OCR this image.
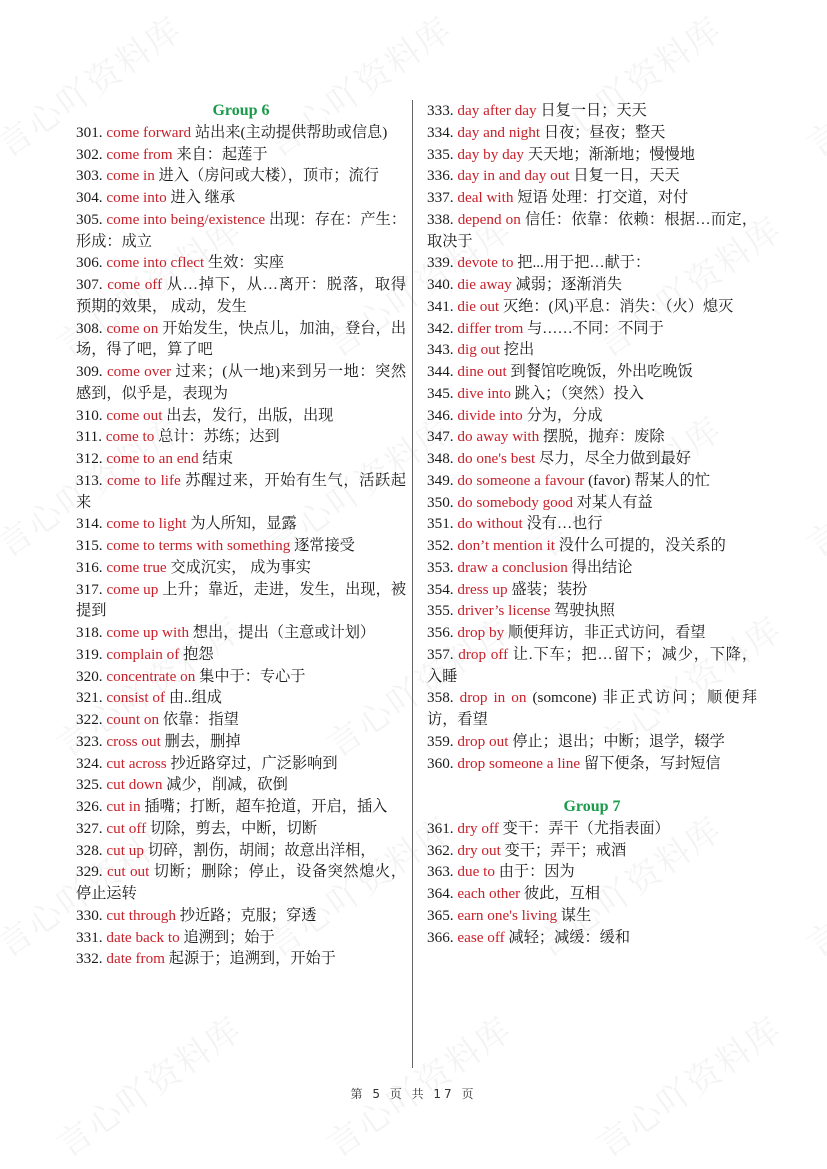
Group 6
301. come forward 站出来(主动提供帮助或信息)
302. come from 来自：起莲于
303. come in 进入（房问或大楼），顶市；流行
304. come into 进入 继承
305. come into being/existence 出现：存在：产生：形成：成立
306. come into cflect 生效：实座
307. come off 从…掉下，从…离开：脱落，取得预期的效果， 成动，发生
308. come on 开始发生，快点儿，加油，登台，出场，得了吧，算了吧
309. come over 过来；(从一地)来到另一地：突然感到，似乎是，表现为
310. come out 出去，发行，出版，出现
311. come to 总计：苏练；达到
312. come to an end 结束
313. come to life 苏醒过来，开始有生气，活跃起来
314. come to light 为人所知，显露
315. come to terms with something 逐常接受
316. come true 交成沉实， 成为事实
317. come up 上升；靠近，走进，发生，出现，被提到
318. come up with 想出，提出（主意或计划）
319. complain of 抱怨
320. concentrate on 集中于：专心于
321. consist of 由..组成
322. count on 依靠：指望
323. cross out 删去，删掉
324. cut across 抄近路穿过，广泛影响到
325. cut down 减少，削减，砍倒
326. cut in 插嘴；打断，超车抢道，开启，插入
327. cut off 切除，剪去，中断，切断
328. cut up 切碎，割伤，胡闹；故意出洋相，
329. cut out 切断；删除；停止，设备突然熄火，停止运转
330. cut through 抄近路；克服；穿透
331. date back to 追溯到；始于
332. date from 起源于；追溯到，开始于
333. day after day 日复一日；天天
334. day and night 日夜；昼夜；整天
335. day by day 天天地；渐渐地；慢慢地
336. day in and day out 日复一日，天天
337. deal with 短语 处理：打交道，对付
338. depend on 信任：依靠：依赖：根据…而定，取决于
339. devote to 把...用于把…献于：
340. die away 减弱；逐渐消失
341. die out 灭绝：(风)平息：消失：（火）熄灭
342. differ trom 与……不同：不同于
343. dig out 挖出
344. dine out 到餐馆吃晚饭，外出吃晚饭
345. dive into 跳入；（突然）投入
346. divide into 分为，分成
347. do away with 摆脱，抛弃：废除
348. do one's best 尽力，尽全力做到最好
349. do someone a favour (favor) 帮某人的忙
350. do somebody good 对某人有益
351. do without 没有…也行
352. don’t mention it 没什么可提的，没关系的
353. draw a conclusion 得出结论
354. dress up 盛装；装扮
355. driver’s license 驾驶执照
356. drop by 顺便拜访，非正式访问，看望
357. drop off 让.下车；把…留下；减少，下降，入睡
358. drop in on (somcone) 非正式访问；顺便拜访，看望
359. drop out 停止；退出；中断；退学，辍学
360. drop someone a line 留下便条，写封短信
Group 7
361. dry off 变干：弄干（尤指表面）
362. dry out 变干；弄干；戒酒
363. due to 由于：因为
364. each other 彼此，互相
365. earn one's living 谋生
366. ease off 减轻；减缓：缓和
第 5 页 共 17 页
